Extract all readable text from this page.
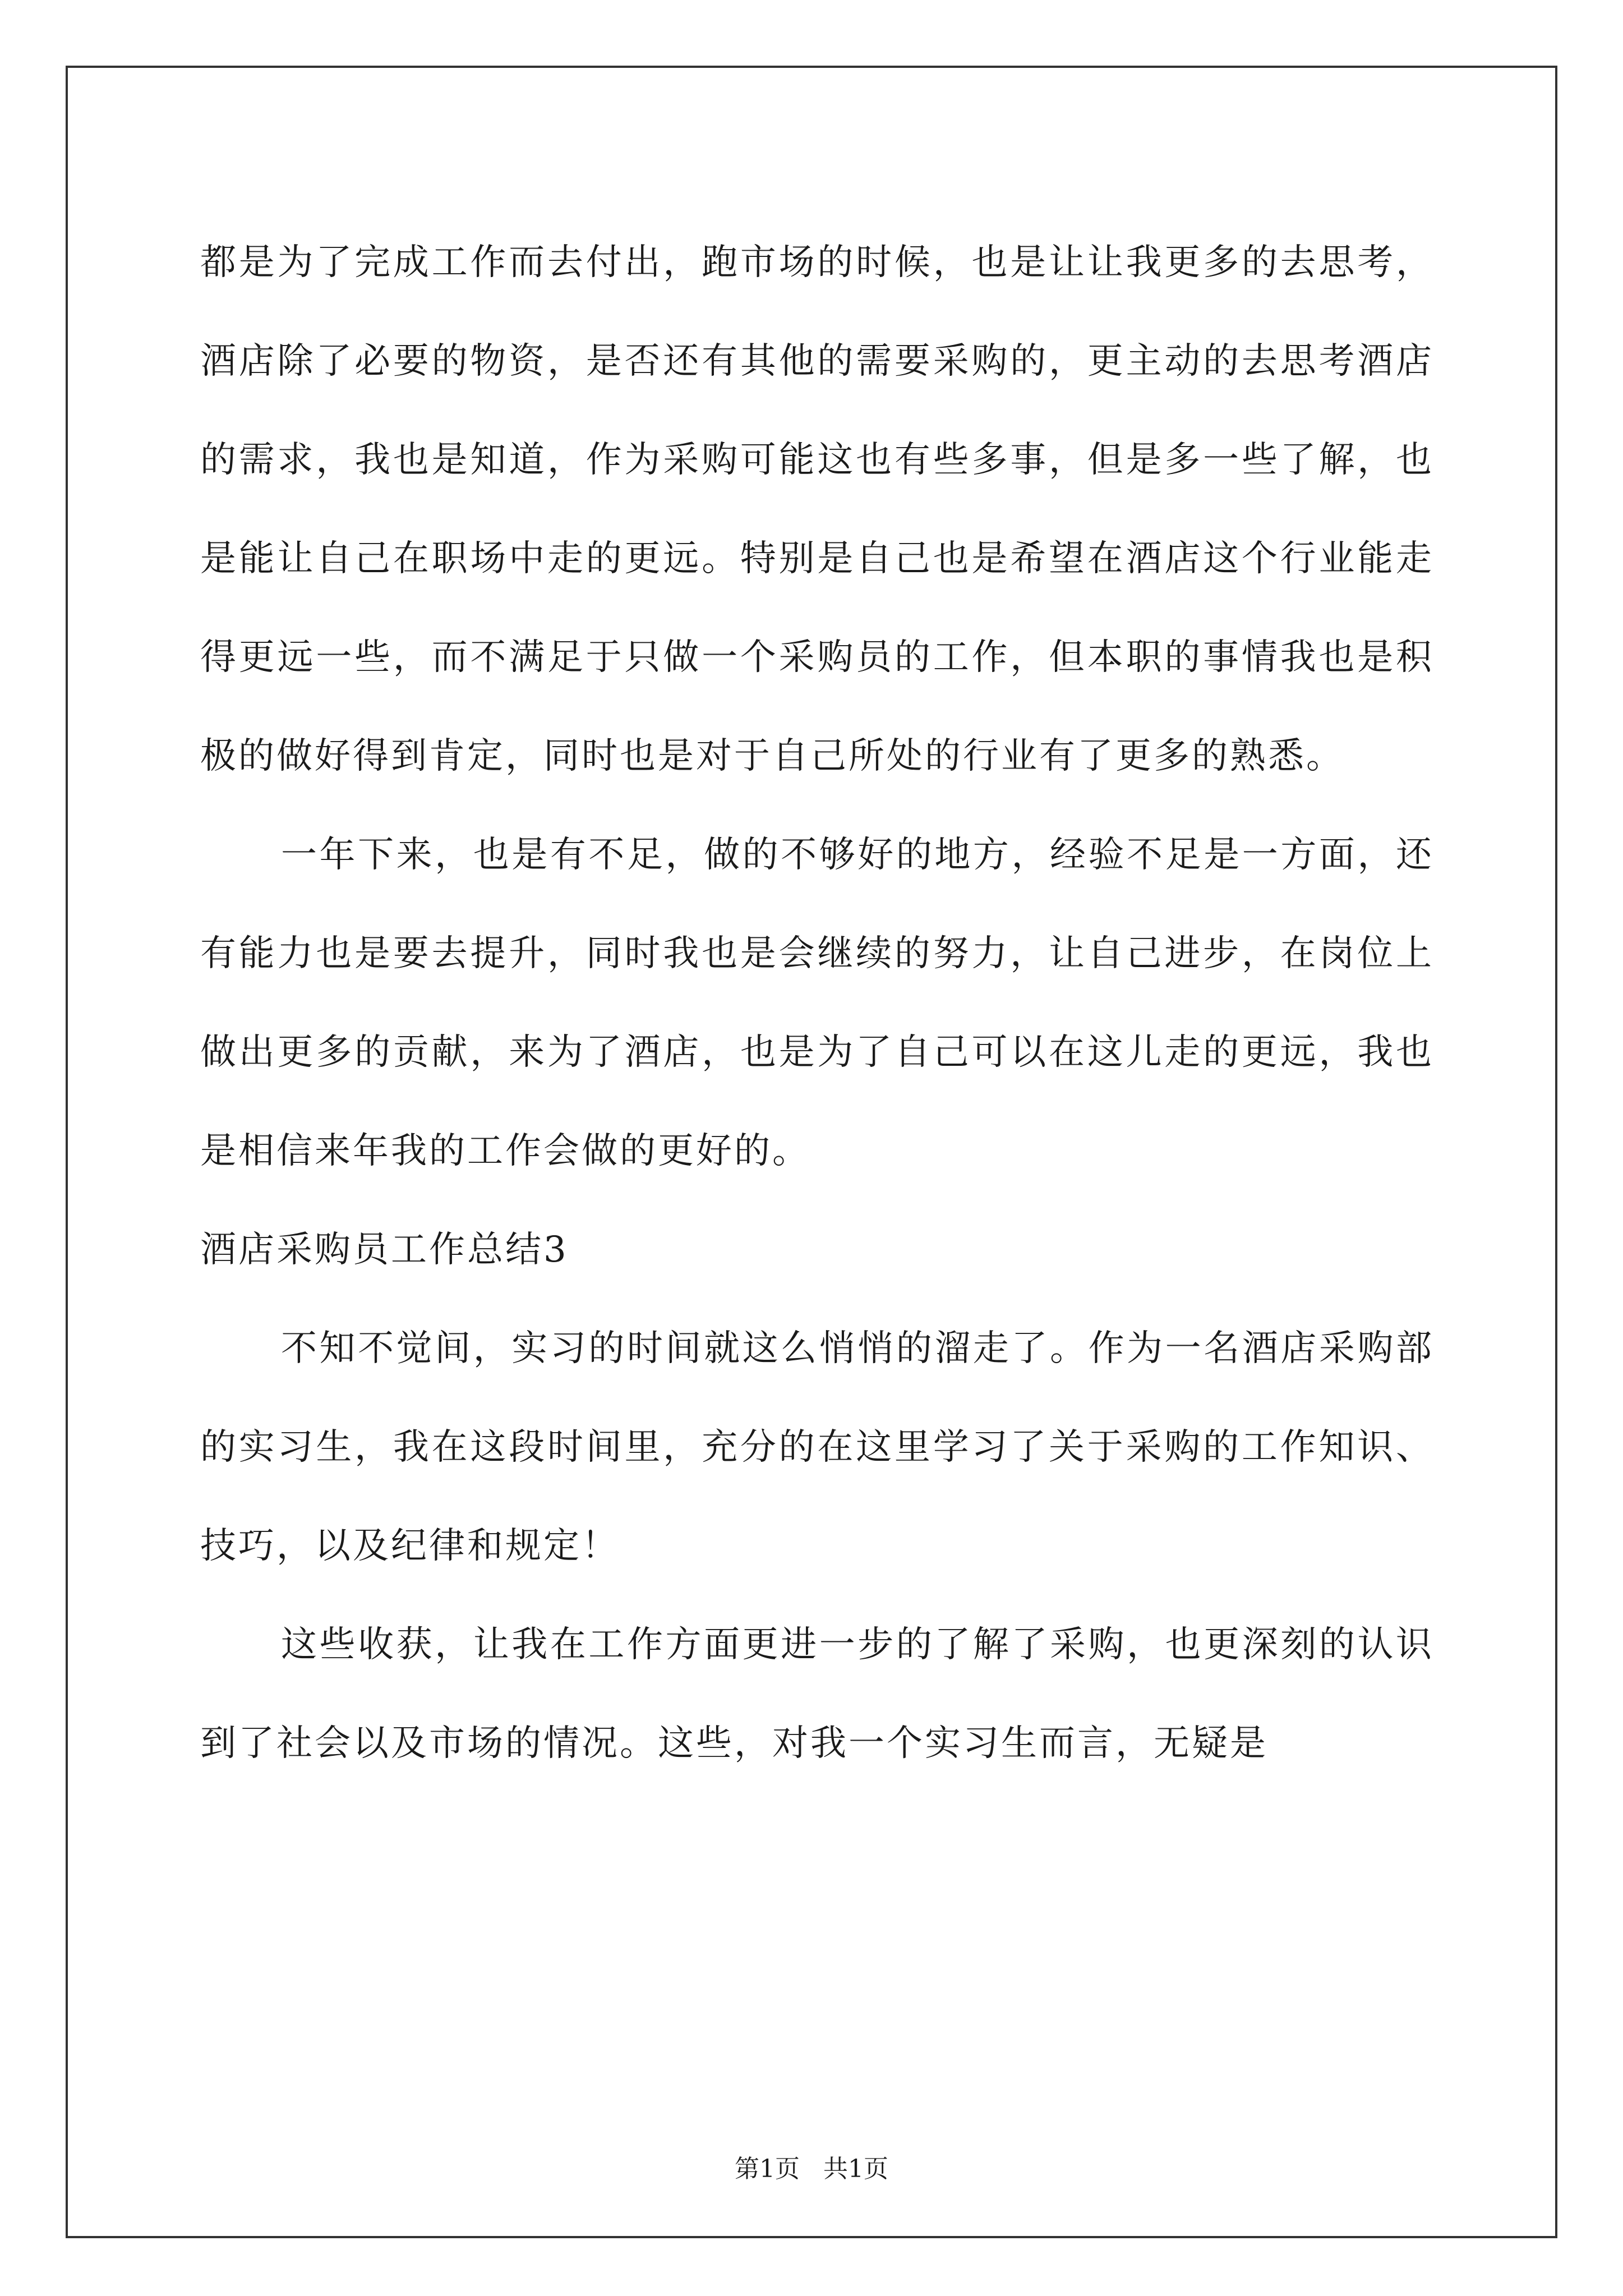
都是为了完成工作而去付出，跑市场的时候，也是让让我更多的去思考，酒店除了必要的物资，是否还有其他的需要采购的，更主动的去思考酒店的需求，我也是知道，作为采购可能这也有些多事，但是多一些了解，也是能让自己在职场中走的更远。特别是自己也是希望在酒店这个行业能走得更远一些，而不满足于只做一个采购员的工作，但本职的事情我也是积极的做好得到肯定，同时也是对于自己所处的行业有了更多的熟悉。

一年下来，也是有不足，做的不够好的地方，经验不足是一方面，还有能力也是要去提升，同时我也是会继续的努力，让自己进步，在岗位上做出更多的贡献，来为了酒店，也是为了自己可以在这儿走的更远，我也是相信来年我的工作会做的更好的。

酒店采购员工作总结3

不知不觉间，实习的时间就这么悄悄的溜走了。作为一名酒店采购部的实习生，我在这段时间里，充分的在这里学习了关于采购的工作知识、技巧，以及纪律和规定！

这些收获，让我在工作方面更进一步的了解了采购，也更深刻的认识到了社会以及市场的情况。这些，对我一个实习生而言，无疑是

第1页 共1页
